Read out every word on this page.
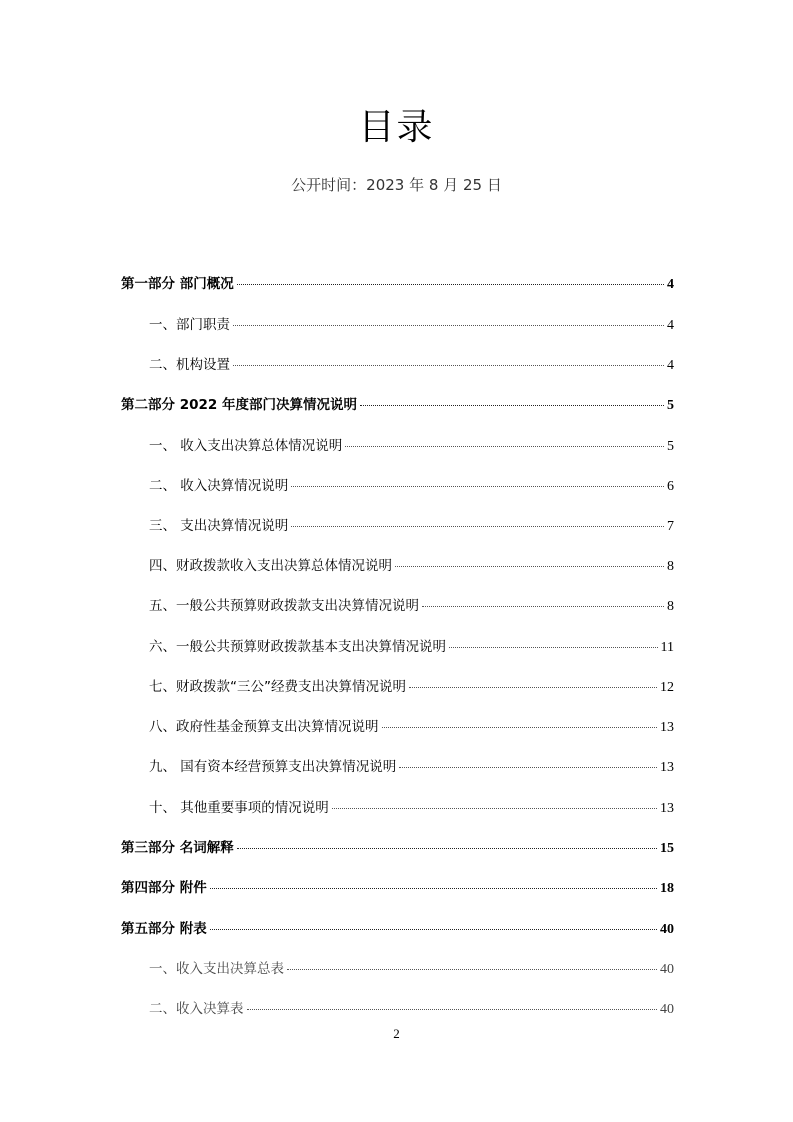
目录
公开时间：2023 年 8 月 25 日
第一部分 部门概况	4
一、部门职责	4
二、机构设置	4
第二部分 2022 年度部门决算情况说明	5
一、 收入支出决算总体情况说明	5
二、 收入决算情况说明	6
三、 支出决算情况说明	7
四、财政拨款收入支出决算总体情况说明	8
五、一般公共预算财政拨款支出决算情况说明	8
六、一般公共预算财政拨款基本支出决算情况说明	11
七、财政拨款“三公”经费支出决算情况说明	12
八、政府性基金预算支出决算情况说明	13
九、 国有资本经营预算支出决算情况说明	13
十、 其他重要事项的情况说明	13
第三部分 名词解释	15
第四部分 附件	18
第五部分 附表	40
一、收入支出决算总表	40
二、收入决算表	40
2
